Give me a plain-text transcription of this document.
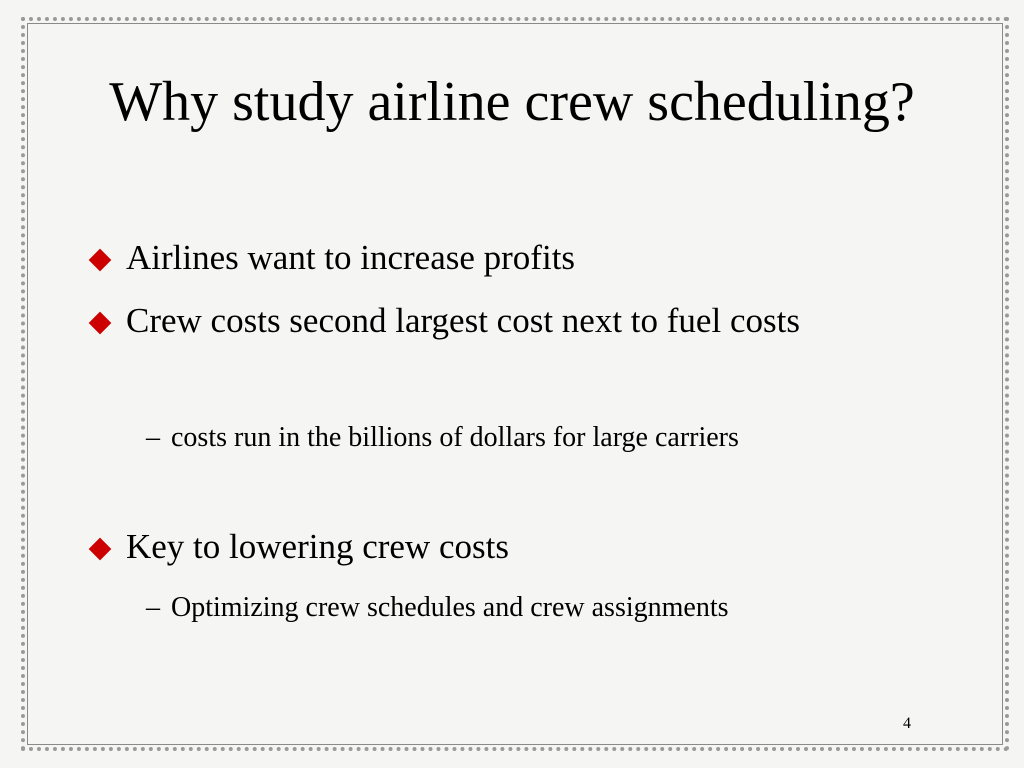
Why study airline crew scheduling?
Airlines want to increase profits
Crew costs second largest cost next to fuel costs
– costs run in the billions of dollars for large carriers
Key to lowering crew costs
– Optimizing crew schedules and crew assignments
4
